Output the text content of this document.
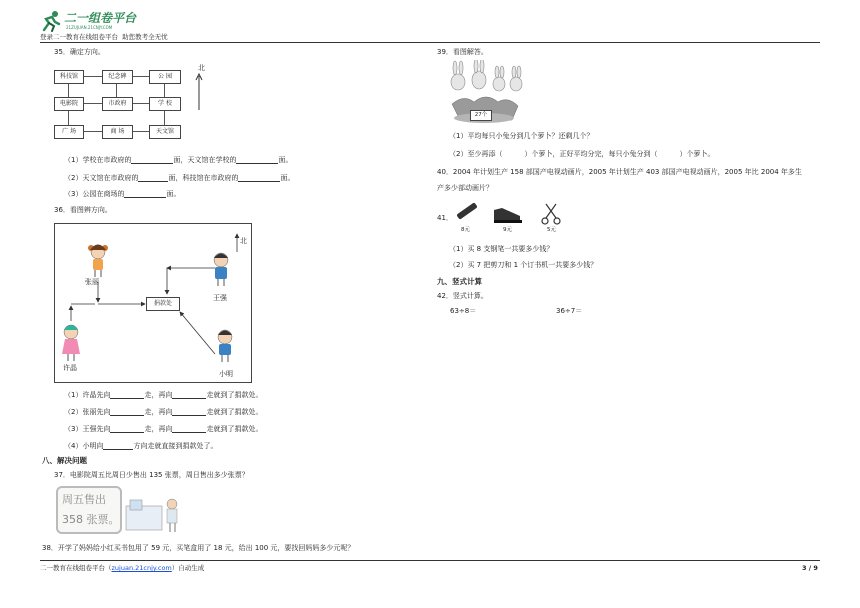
二一组卷平台
21ZUJUAN.21CNJY.COM
登录二一教育在线组卷平台 助您教考全无忧
35．确定方向。
科技馆	纪念碑	公 园
电影院	市政府	学 校
广 场	商 场	天文馆
北
（1）学校在市政府的	面，天文馆在学校的	面。
（2）天文馆在市政府的	面，科技馆在市政府的	面。
（3）公园在商场的	面。
36．看图辨方向。
捐款处
北
张丽
王强
许晶
小明
（1）许晶先向	走，再向	走就到了捐款处。
（2）张丽先向	走，再向	走就到了捐款处。
（3）王强先向	走，再向	走就到了捐款处。
（4）小明向	方向走就直接到捐款处了。
八、解决问题
37．电影院周五比周日少售出 135 张票，周日售出多少张票？
周五售出
358 张票。
38．开学了妈妈给小红买书包用了 59 元，买笔盒用了 18 元，给出 100 元，要找回妈妈多少元呢？
39．看图解答。
27个
（1）平均每只小兔分到几个萝卜？还剩几个？
（2）至少再添（	）个萝卜，正好平均分完，每只小兔分到（	）个萝卜。
40．2004 年计划生产 158 部国产电视动画片，2005 年计划生产 403 部国产电视动画片，2005 年比 2004 年多生
产多少部动画片？
41．
8元	9元	5元
（1）买 8 支钢笔一共要多少钱？
（2）买 7 把剪刀和 1 个订书机一共要多少钱？
九、竖式计算
42．竖式计算。
63÷8＝	36÷7＝
二一教育在线组卷平台（zujuan.21cnjy.com）自动生成	3 / 9
